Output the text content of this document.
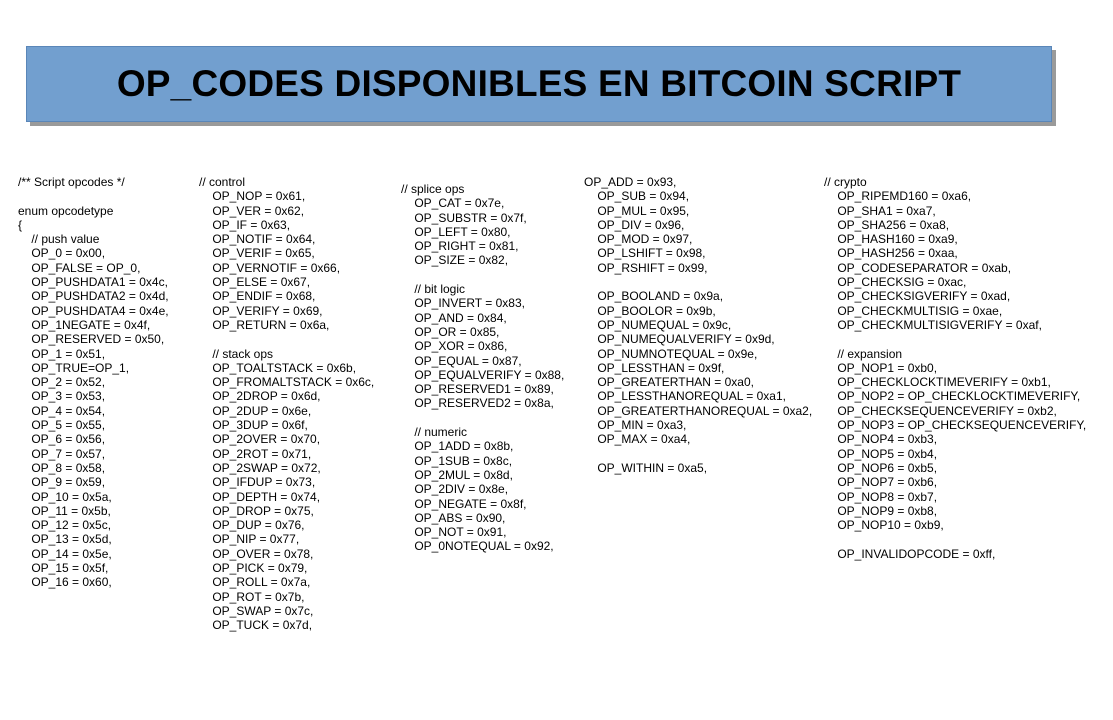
OP_CODES DISPONIBLES EN BITCOIN SCRIPT
/** Script opcodes */
enum opcodetype
{
// push value
OP_0 = 0x00,
OP_FALSE = OP_0,
OP_PUSHDATA1 = 0x4c,
OP_PUSHDATA2 = 0x4d,
OP_PUSHDATA4 = 0x4e,
OP_1NEGATE = 0x4f,
OP_RESERVED = 0x50,
OP_1 = 0x51,
OP_TRUE=OP_1,
OP_2 = 0x52,
OP_3 = 0x53,
OP_4 = 0x54,
OP_5 = 0x55,
OP_6 = 0x56,
OP_7 = 0x57,
OP_8 = 0x58,
OP_9 = 0x59,
OP_10 = 0x5a,
OP_11 = 0x5b,
OP_12 = 0x5c,
OP_13 = 0x5d,
OP_14 = 0x5e,
OP_15 = 0x5f,
OP_16 = 0x60,
// control
OP_NOP = 0x61,
OP_VER = 0x62,
OP_IF = 0x63,
OP_NOTIF = 0x64,
OP_VERIF = 0x65,
OP_VERNOTIF = 0x66,
OP_ELSE = 0x67,
OP_ENDIF = 0x68,
OP_VERIFY = 0x69,
OP_RETURN = 0x6a,
// stack ops
OP_TOALTSTACK = 0x6b,
OP_FROMALTSTACK = 0x6c,
OP_2DROP = 0x6d,
OP_2DUP = 0x6e,
OP_3DUP = 0x6f,
OP_2OVER = 0x70,
OP_2ROT = 0x71,
OP_2SWAP = 0x72,
OP_IFDUP = 0x73,
OP_DEPTH = 0x74,
OP_DROP = 0x75,
OP_DUP = 0x76,
OP_NIP = 0x77,
OP_OVER = 0x78,
OP_PICK = 0x79,
OP_ROLL = 0x7a,
OP_ROT = 0x7b,
OP_SWAP = 0x7c,
OP_TUCK = 0x7d,
// splice ops
OP_CAT = 0x7e,
OP_SUBSTR = 0x7f,
OP_LEFT = 0x80,
OP_RIGHT = 0x81,
OP_SIZE = 0x82,
// bit logic
OP_INVERT = 0x83,
OP_AND = 0x84,
OP_OR = 0x85,
OP_XOR = 0x86,
OP_EQUAL = 0x87,
OP_EQUALVERIFY = 0x88,
OP_RESERVED1 = 0x89,
OP_RESERVED2 = 0x8a,
// numeric
OP_1ADD = 0x8b,
OP_1SUB = 0x8c,
OP_2MUL = 0x8d,
OP_2DIV = 0x8e,
OP_NEGATE = 0x8f,
OP_ABS = 0x90,
OP_NOT = 0x91,
OP_0NOTEQUAL = 0x92,
OP_ADD = 0x93,
OP_SUB = 0x94,
OP_MUL = 0x95,
OP_DIV = 0x96,
OP_MOD = 0x97,
OP_LSHIFT = 0x98,
OP_RSHIFT = 0x99,
OP_BOOLAND = 0x9a,
OP_BOOLOR = 0x9b,
OP_NUMEQUAL = 0x9c,
OP_NUMEQUALVERIFY = 0x9d,
OP_NUMNOTEQUAL = 0x9e,
OP_LESSTHAN = 0x9f,
OP_GREATERTHAN = 0xa0,
OP_LESSTHANOREQUAL = 0xa1,
OP_GREATERTHANOREQUAL = 0xa2,
OP_MIN = 0xa3,
OP_MAX = 0xa4,
OP_WITHIN = 0xa5,
// crypto
OP_RIPEMD160 = 0xa6,
OP_SHA1 = 0xa7,
OP_SHA256 = 0xa8,
OP_HASH160 = 0xa9,
OP_HASH256 = 0xaa,
OP_CODESEPARATOR = 0xab,
OP_CHECKSIG = 0xac,
OP_CHECKSIGVERIFY = 0xad,
OP_CHECKMULTISIG = 0xae,
OP_CHECKMULTISIGVERIFY = 0xaf,
// expansion
OP_NOP1 = 0xb0,
OP_CHECKLOCKTIMEVERIFY = 0xb1,
OP_NOP2 = OP_CHECKLOCKTIMEVERIFY,
OP_CHECKSEQUENCEVERIFY = 0xb2,
OP_NOP3 = OP_CHECKSEQUENCEVERIFY,
OP_NOP4 = 0xb3,
OP_NOP5 = 0xb4,
OP_NOP6 = 0xb5,
OP_NOP7 = 0xb6,
OP_NOP8 = 0xb7,
OP_NOP9 = 0xb8,
OP_NOP10 = 0xb9,
OP_INVALIDOPCODE = 0xff,
